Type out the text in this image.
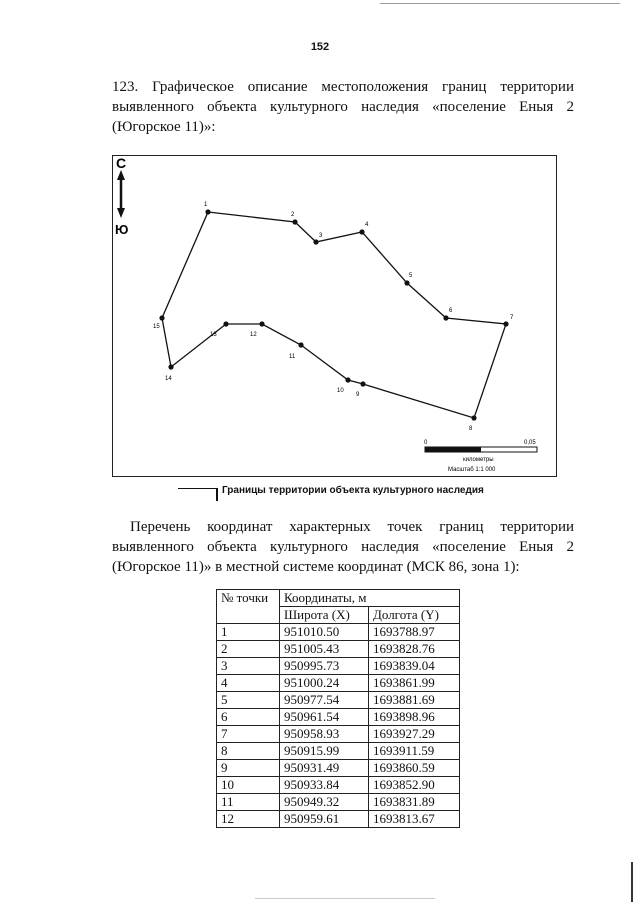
152
123. Графическое описание местоположения границ территории выявленного объекта культурного наследия «поселение Еныя 2 (Югорское 11)»:
С
Ю
1
2
3
4
5
6
7
8
9
10
11
12
13
14
15
0	0,05
километры
Масштаб 1:1 000
Границы территории объекта культурного наследия
Перечень координат характерных точек границ территории выявленного объекта культурного наследия «поселение Еныя 2 (Югорское 11)» в местной системе координат (МСК 86, зона 1):
№ точки	Координаты, м	
	Широта (X)	Долгота (Y)
1	951010.50	1693788.97
2	951005.43	1693828.76
3	950995.73	1693839.04
4	951000.24	1693861.99
5	950977.54	1693881.69
6	950961.54	1693898.96
7	950958.93	1693927.29
8	950915.99	1693911.59
9	950931.49	1693860.59
10	950933.84	1693852.90
11	950949.32	1693831.89
12	950959.61	1693813.67
